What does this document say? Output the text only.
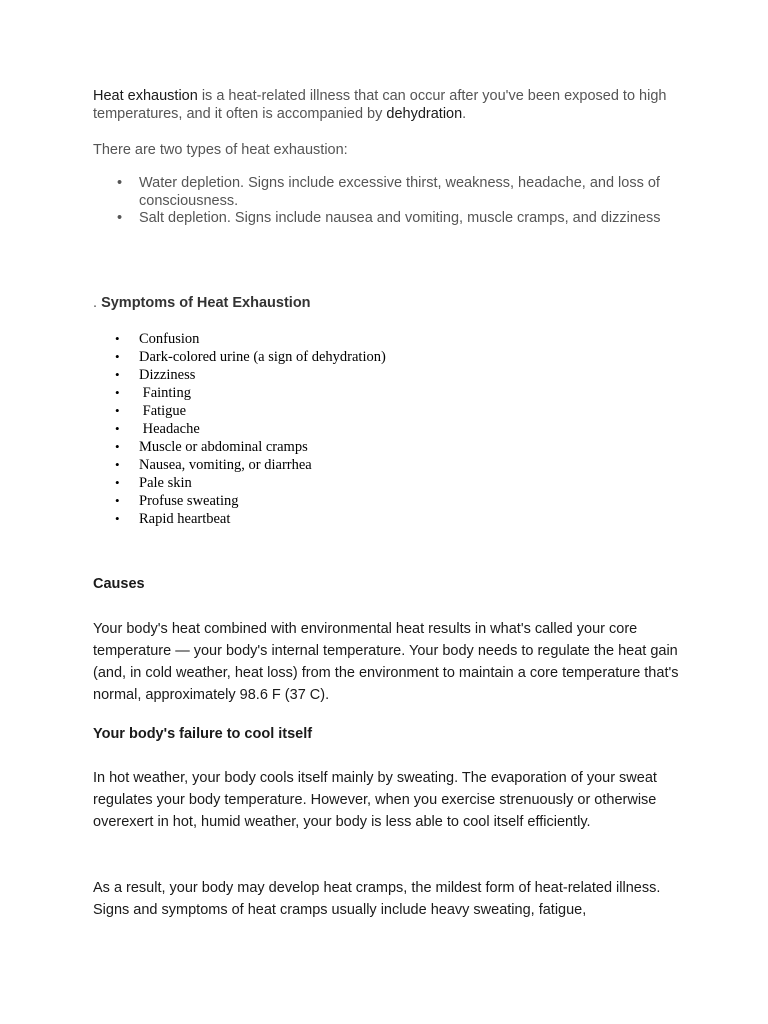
Heat exhaustion is a heat-related illness that can occur after you've been exposed to high temperatures, and it often is accompanied by dehydration.

There are two types of heat exhaustion:

• Water depletion. Signs include excessive thirst, weakness, headache, and loss of consciousness.
• Salt depletion. Signs include nausea and vomiting, muscle cramps, and dizziness
. Symptoms of Heat Exhaustion
• Confusion
• Dark-colored urine (a sign of dehydration)
• Dizziness
• Fainting
• Fatigue
• Headache
• Muscle or abdominal cramps
• Nausea, vomiting, or diarrhea
• Pale skin
• Profuse sweating
• Rapid heartbeat
Causes

Your body's heat combined with environmental heat results in what's called your core temperature — your body's internal temperature. Your body needs to regulate the heat gain (and, in cold weather, heat loss) from the environment to maintain a core temperature that's normal, approximately 98.6 F (37 C).

Your body's failure to cool itself

In hot weather, your body cools itself mainly by sweating. The evaporation of your sweat regulates your body temperature. However, when you exercise strenuously or otherwise overexert in hot, humid weather, your body is less able to cool itself efficiently.

As a result, your body may develop heat cramps, the mildest form of heat-related illness. Signs and symptoms of heat cramps usually include heavy sweating, fatigue,
